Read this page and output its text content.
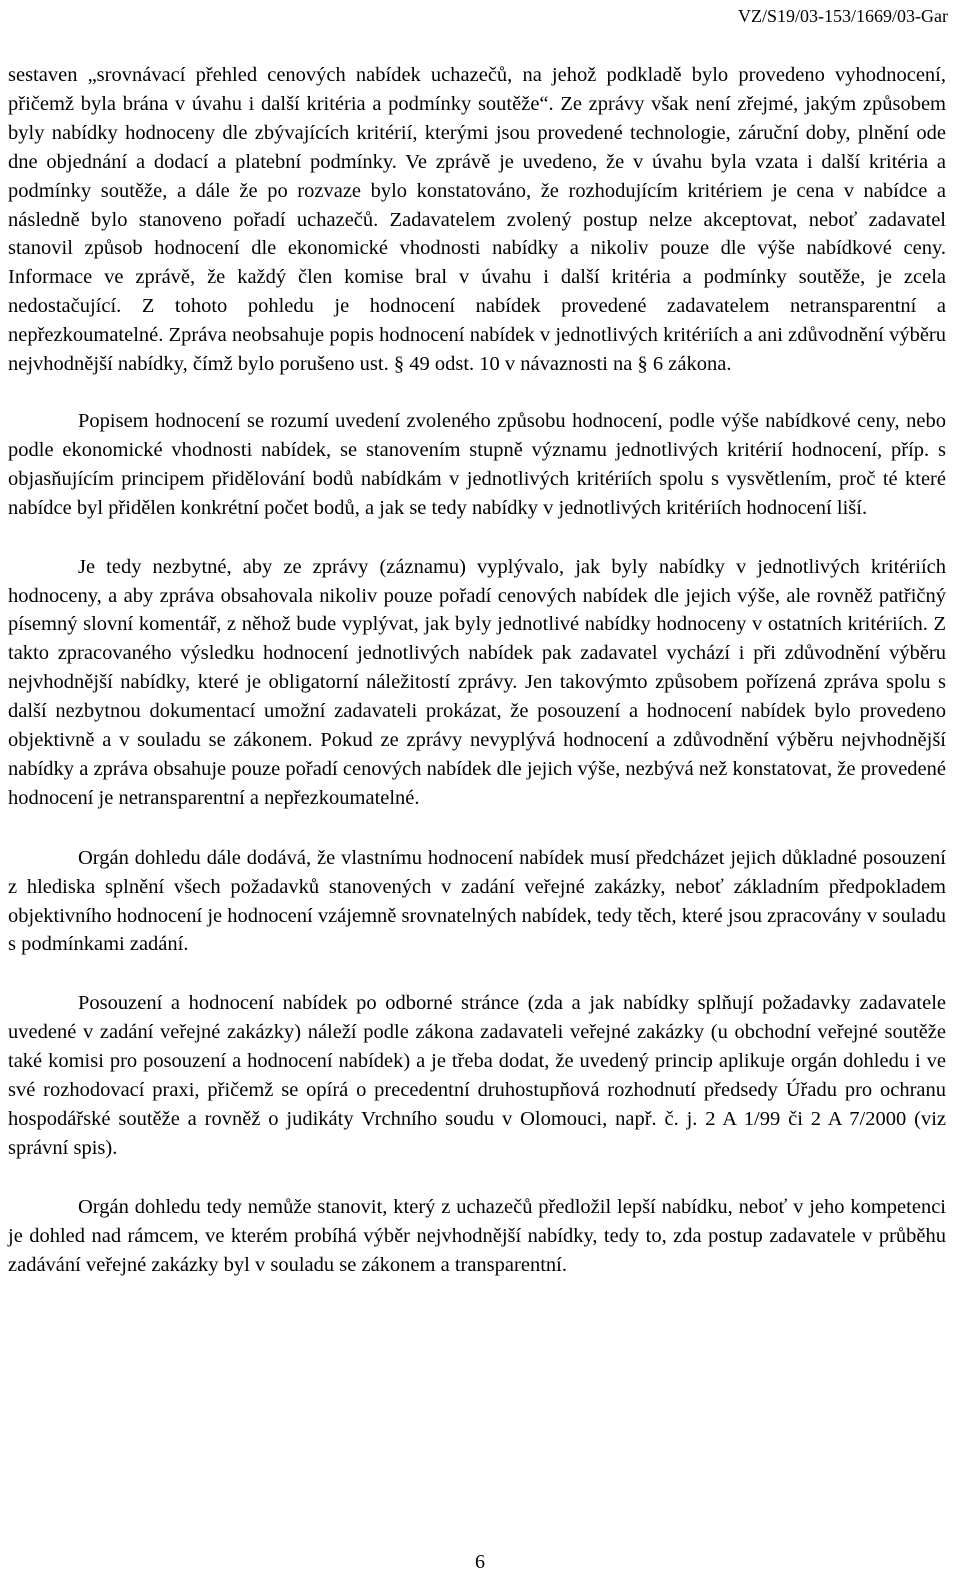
VZ/S19/03-153/1669/03-Gar

sestaven „srovnávací přehled cenových nabídek uchazečů, na jehož podkladě bylo provedeno vyhodnocení, přičemž byla brána v úvahu i další kritéria a podmínky soutěže“. Ze zprávy však není zřejmé, jakým způsobem byly nabídky hodnoceny dle zbývajících kritérií, kterými jsou provedené technologie, záruční doby, plnění ode dne objednání a dodací a platební podmínky. Ve zprávě je uvedeno, že v úvahu byla vzata i další kritéria a podmínky soutěže, a dále že po rozvaze bylo konstatováno, že rozhodujícím kritériem je cena v nabídce a následně bylo stanoveno pořadí uchazečů. Zadavatelem zvolený postup nelze akceptovat, neboť zadavatel stanovil způsob hodnocení dle ekonomické vhodnosti nabídky a nikoliv pouze dle výše nabídkové ceny. Informace ve zprávě, že každý člen komise bral v úvahu i další kritéria a podmínky soutěže, je zcela nedostačující. Z tohoto pohledu je hodnocení nabídek provedené zadavatelem netransparentní a nepřezkoumatelné. Zpráva neobsahuje popis hodnocení nabídek v jednotlivých kritériích a ani zdůvodnění výběru nejvhodnější nabídky, čímž bylo porušeno ust. § 49 odst. 10 v návaznosti na § 6 zákona.

Popisem hodnocení se rozumí uvedení zvoleného způsobu hodnocení, podle výše nabídkové ceny, nebo podle ekonomické vhodnosti nabídek, se stanovením stupně významu jednotlivých kritérií hodnocení, příp. s objasňujícím principem přidělování bodů nabídkám v jednotlivých kritériích spolu s vysvětlením, proč té které nabídce byl přidělen konkrétní počet bodů, a jak se tedy nabídky v jednotlivých kritériích hodnocení liší.

Je tedy nezbytné, aby ze zprávy (záznamu) vyplývalo, jak byly nabídky v jednotlivých kritériích hodnoceny, a aby zpráva obsahovala nikoliv pouze pořadí cenových nabídek dle jejich výše, ale rovněž patřičný písemný slovní komentář, z něhož bude vyplývat, jak byly jednotlivé nabídky hodnoceny v ostatních kritériích. Z takto zpracovaného výsledku hodnocení jednotlivých nabídek pak zadavatel vychází i při zdůvodnění výběru nejvhodnější nabídky, které je obligatorní náležitostí zprávy. Jen takovýmto způsobem pořízená zpráva spolu s další nezbytnou dokumentací umožní zadavateli prokázat, že posouzení a hodnocení nabídek bylo provedeno objektivně a v souladu se zákonem. Pokud ze zprávy nevyplývá hodnocení a zdůvodnění výběru nejvhodnější nabídky a zpráva obsahuje pouze pořadí cenových nabídek dle jejich výše, nezbývá než konstatovat, že provedené hodnocení je netransparentní a nepřezkoumatelné.

Orgán dohledu dále dodává, že vlastnímu hodnocení nabídek musí předcházet jejich důkladné posouzení z hlediska splnění všech požadavků stanovených v zadání veřejné zakázky, neboť základním předpokladem objektivního hodnocení je hodnocení vzájemně srovnatelných nabídek, tedy těch, které jsou zpracovány v souladu s podmínkami zadání.

Posouzení a hodnocení nabídek po odborné stránce (zda a jak nabídky splňují požadavky zadavatele uvedené v zadání veřejné zakázky) náleží podle zákona zadavateli veřejné zakázky (u obchodní veřejné soutěže také komisi pro posouzení a hodnocení nabídek) a je třeba dodat, že uvedený princip aplikuje orgán dohledu i ve své rozhodovací praxi, přičemž se opírá o precedentní druhostupňová rozhodnutí předsedy Úřadu pro ochranu hospodářské soutěže a rovněž o judikáty Vrchního soudu v Olomouci, např. č. j. 2 A 1/99 či 2 A 7/2000 (viz správní spis).

Orgán dohledu tedy nemůže stanovit, který z uchazečů předložil lepší nabídku, neboť v jeho kompetenci je dohled nad rámcem, ve kterém probíhá výběr nejvhodnější nabídky, tedy to, zda postup zadavatele v průběhu zadávání veřejné zakázky byl v souladu se zákonem a transparentní.

6
